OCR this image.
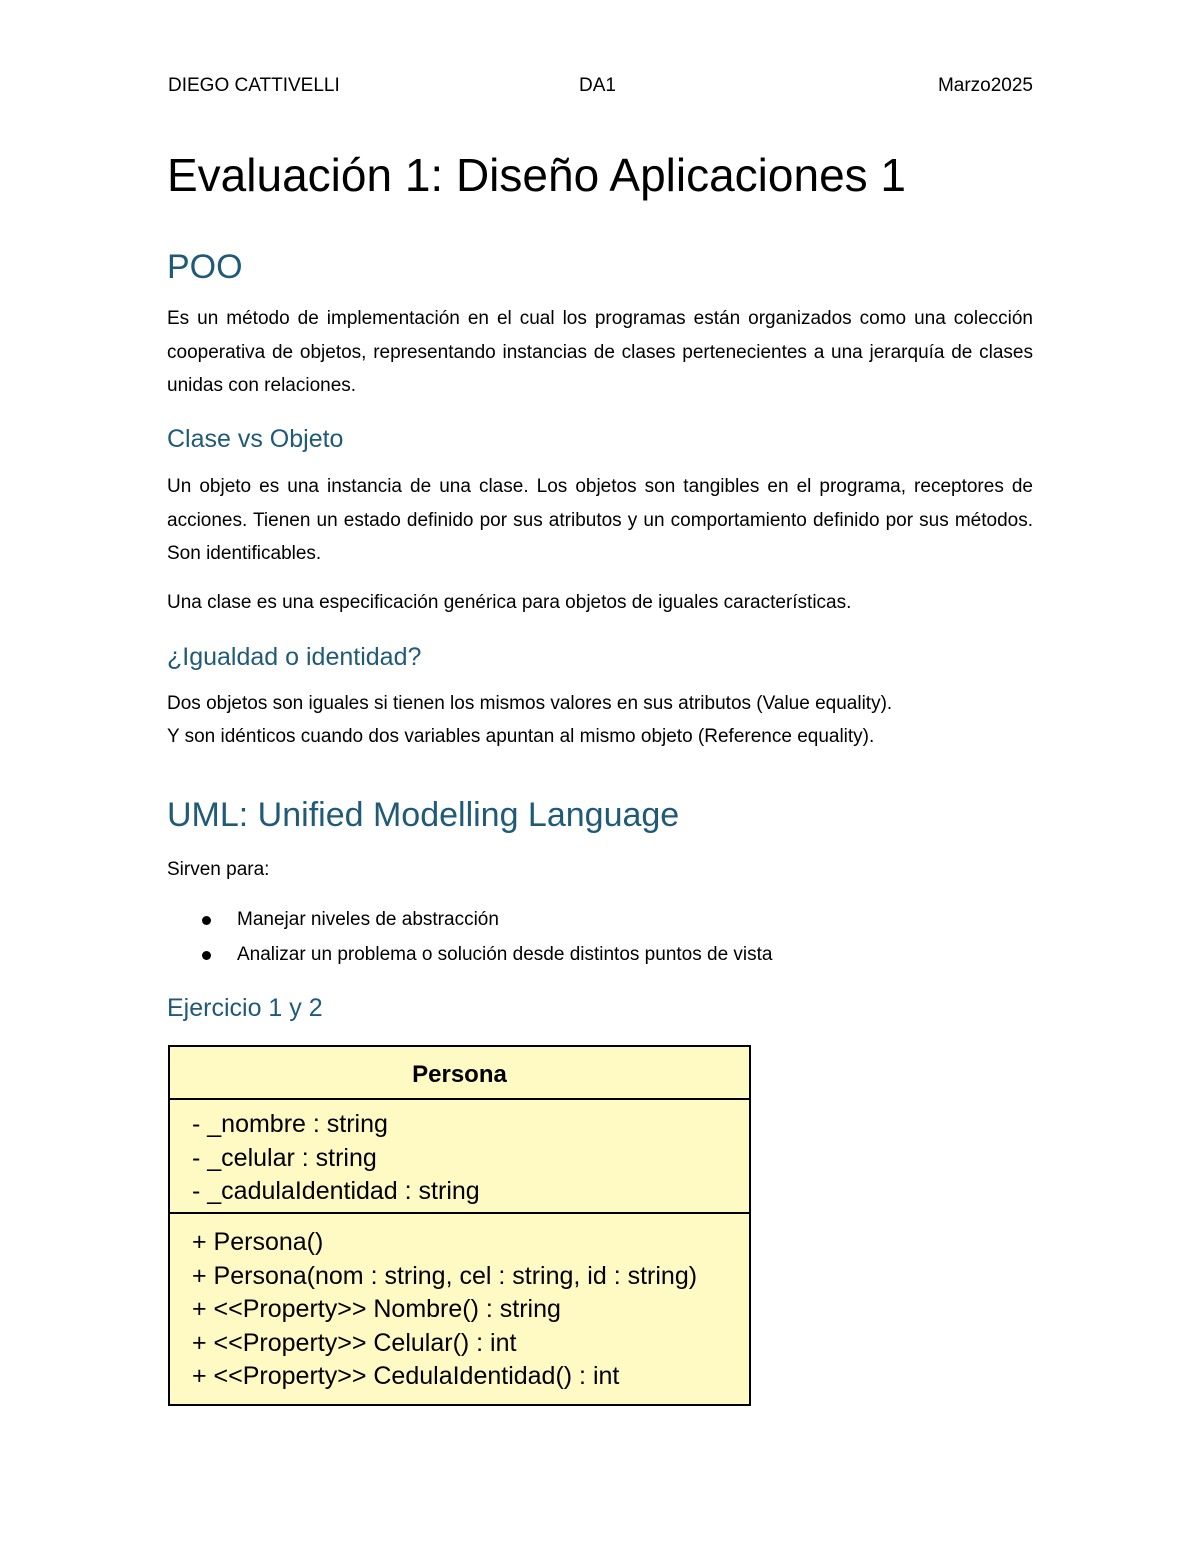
DIEGO CATTIVELLI	DA1	Marzo2025
Evaluación 1: Diseño Aplicaciones 1
POO

Es un método de implementación en el cual los programas están organizados como una colección cooperativa de objetos, representando instancias de clases pertenecientes a una jerarquía de clases unidas con relaciones.

Clase vs Objeto

Un objeto es una instancia de una clase. Los objetos son tangibles en el programa, receptores de acciones. Tienen un estado definido por sus atributos y un comportamiento definido por sus métodos. Son identificables.

Una clase es una especificación genérica para objetos de iguales características.

¿Igualdad o identidad?

Dos objetos son iguales si tienen los mismos valores en sus atributos (Value equality).

Y son idénticos cuando dos variables apuntan al mismo objeto (Reference equality).

UML: Unified Modelling Language

Sirven para:

Manejar niveles de abstracción
Analizar un problema o solución desde distintos puntos de vista
Ejercicio 1 y 2
Persona
- _nombre : string
- _celular : string
- _cadulaIdentidad : string
+ Persona()
+ Persona(nom : string, cel : string, id : string)
+ <<Property>> Nombre() : string
+ <<Property>> Celular() : int
+ <<Property>> CedulaIdentidad() : int
